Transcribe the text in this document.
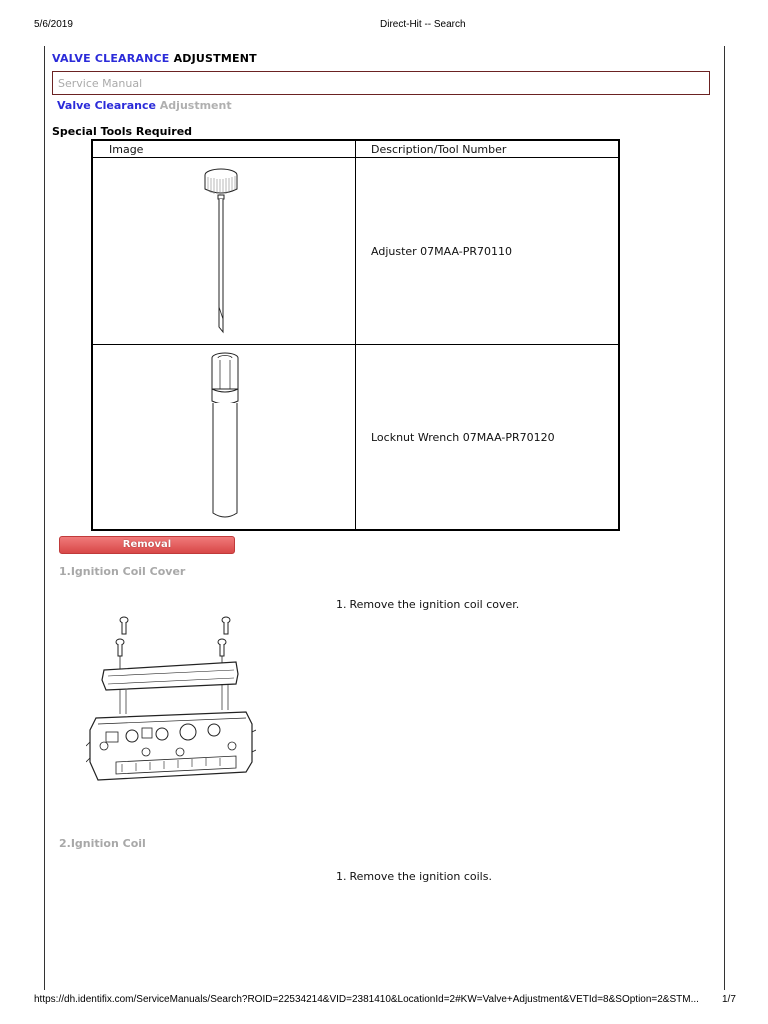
5/6/2019	Direct-Hit -- Search
VALVE CLEARANCE ADJUSTMENT
Service Manual
Valve Clearance Adjustment
Special Tools Required
Image	Description/Tool Number
Adjuster 07MAA-PR70110
Locknut Wrench 07MAA-PR70120
Removal
1.Ignition Coil Cover
1. Remove the ignition coil cover.
2.Ignition Coil
1. Remove the ignition coils.
https://dh.identifix.com/ServiceManuals/Search?ROID=22534214&VID=2381410&LocationId=2#KW=Valve+Adjustment&VETId=8&SOption=2&STM... 1/7
